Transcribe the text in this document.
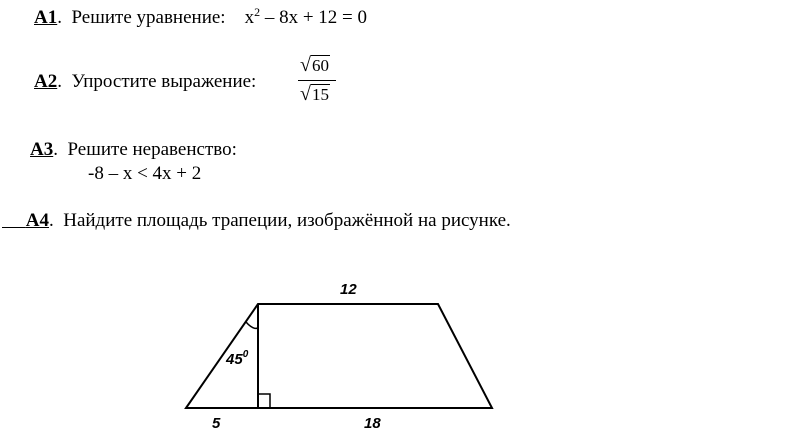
А1. Решите уравнение: $x^2 - 8x + 12 = 0$
А2. Упростите выражение:
√60
√15
А3. Решите неравенство:
-8 – x < 4x + 2
А4. Найдите площадь трапеции, изображённой на рисунке.
12
$45^0$
5	18
